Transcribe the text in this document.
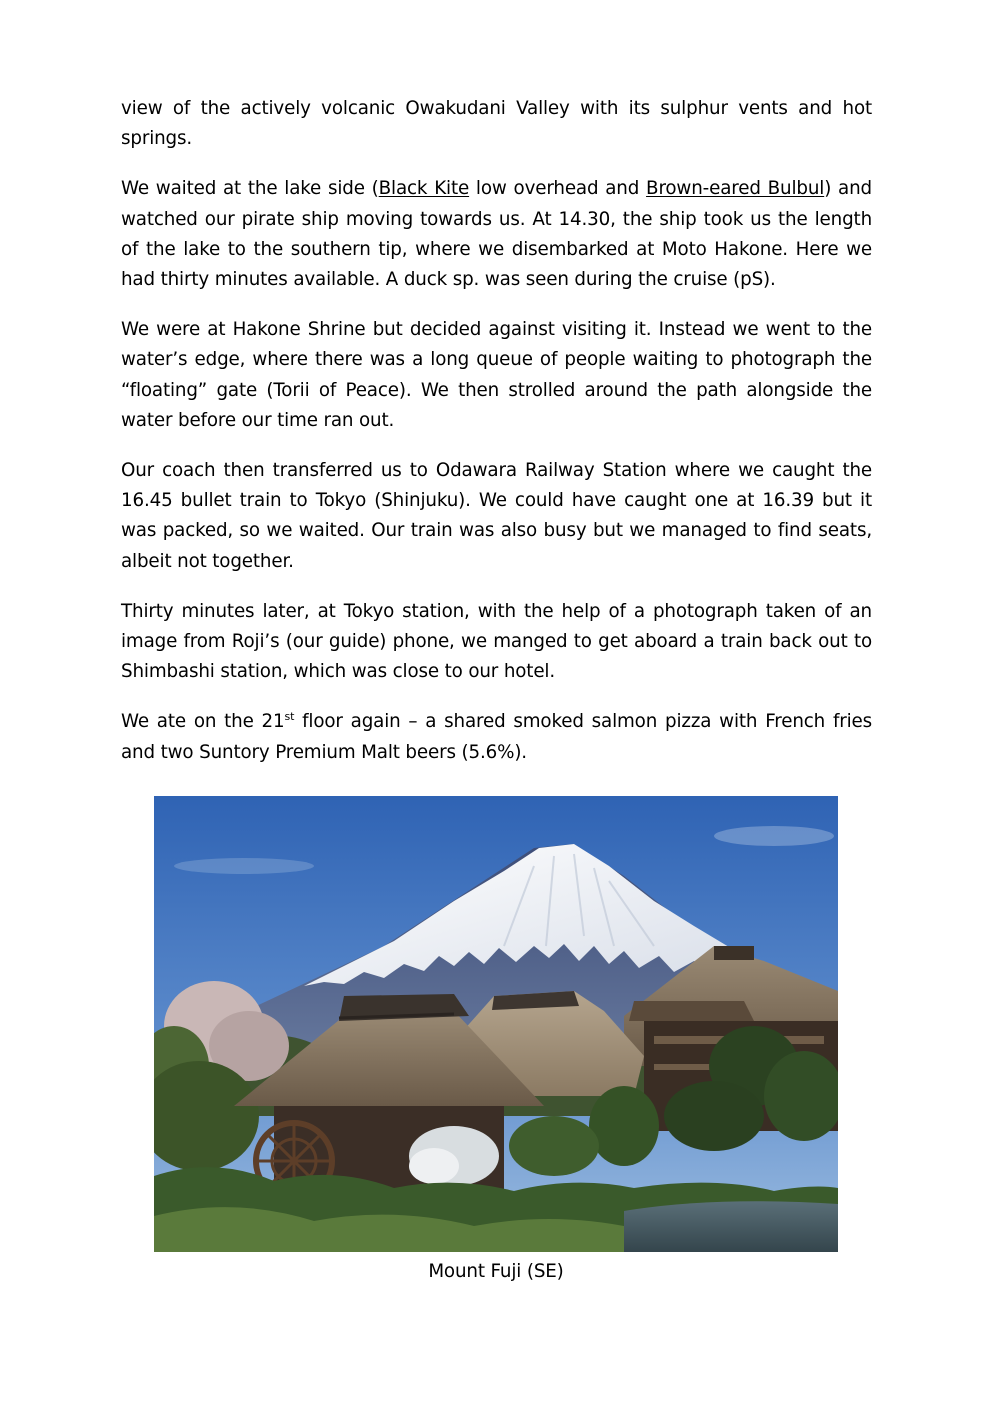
view of the actively volcanic Owakudani Valley with its sulphur vents and hot springs.

We waited at the lake side (Black Kite low overhead and Brown-eared Bulbul) and watched our pirate ship moving towards us. At 14.30, the ship took us the length of the lake to the southern tip, where we disembarked at Moto Hakone. Here we had thirty minutes available. A duck sp. was seen during the cruise (pS).

We were at Hakone Shrine but decided against visiting it. Instead we went to the water’s edge, where there was a long queue of people waiting to photograph the “floating” gate (Torii of Peace). We then strolled around the path alongside the water before our time ran out.

Our coach then transferred us to Odawara Railway Station where we caught the 16.45 bullet train to Tokyo (Shinjuku). We could have caught one at 16.39 but it was packed, so we waited. Our train was also busy but we managed to find seats, albeit not together.

Thirty minutes later, at Tokyo station, with the help of a photograph taken of an image from Roji’s (our guide) phone, we manged to get aboard a train back out to Shimbashi station, which was close to our hotel.

We ate on the 21st floor again – a shared smoked salmon pizza with French fries and two Suntory Premium Malt beers (5.6%).

Mount Fuji (SE)
